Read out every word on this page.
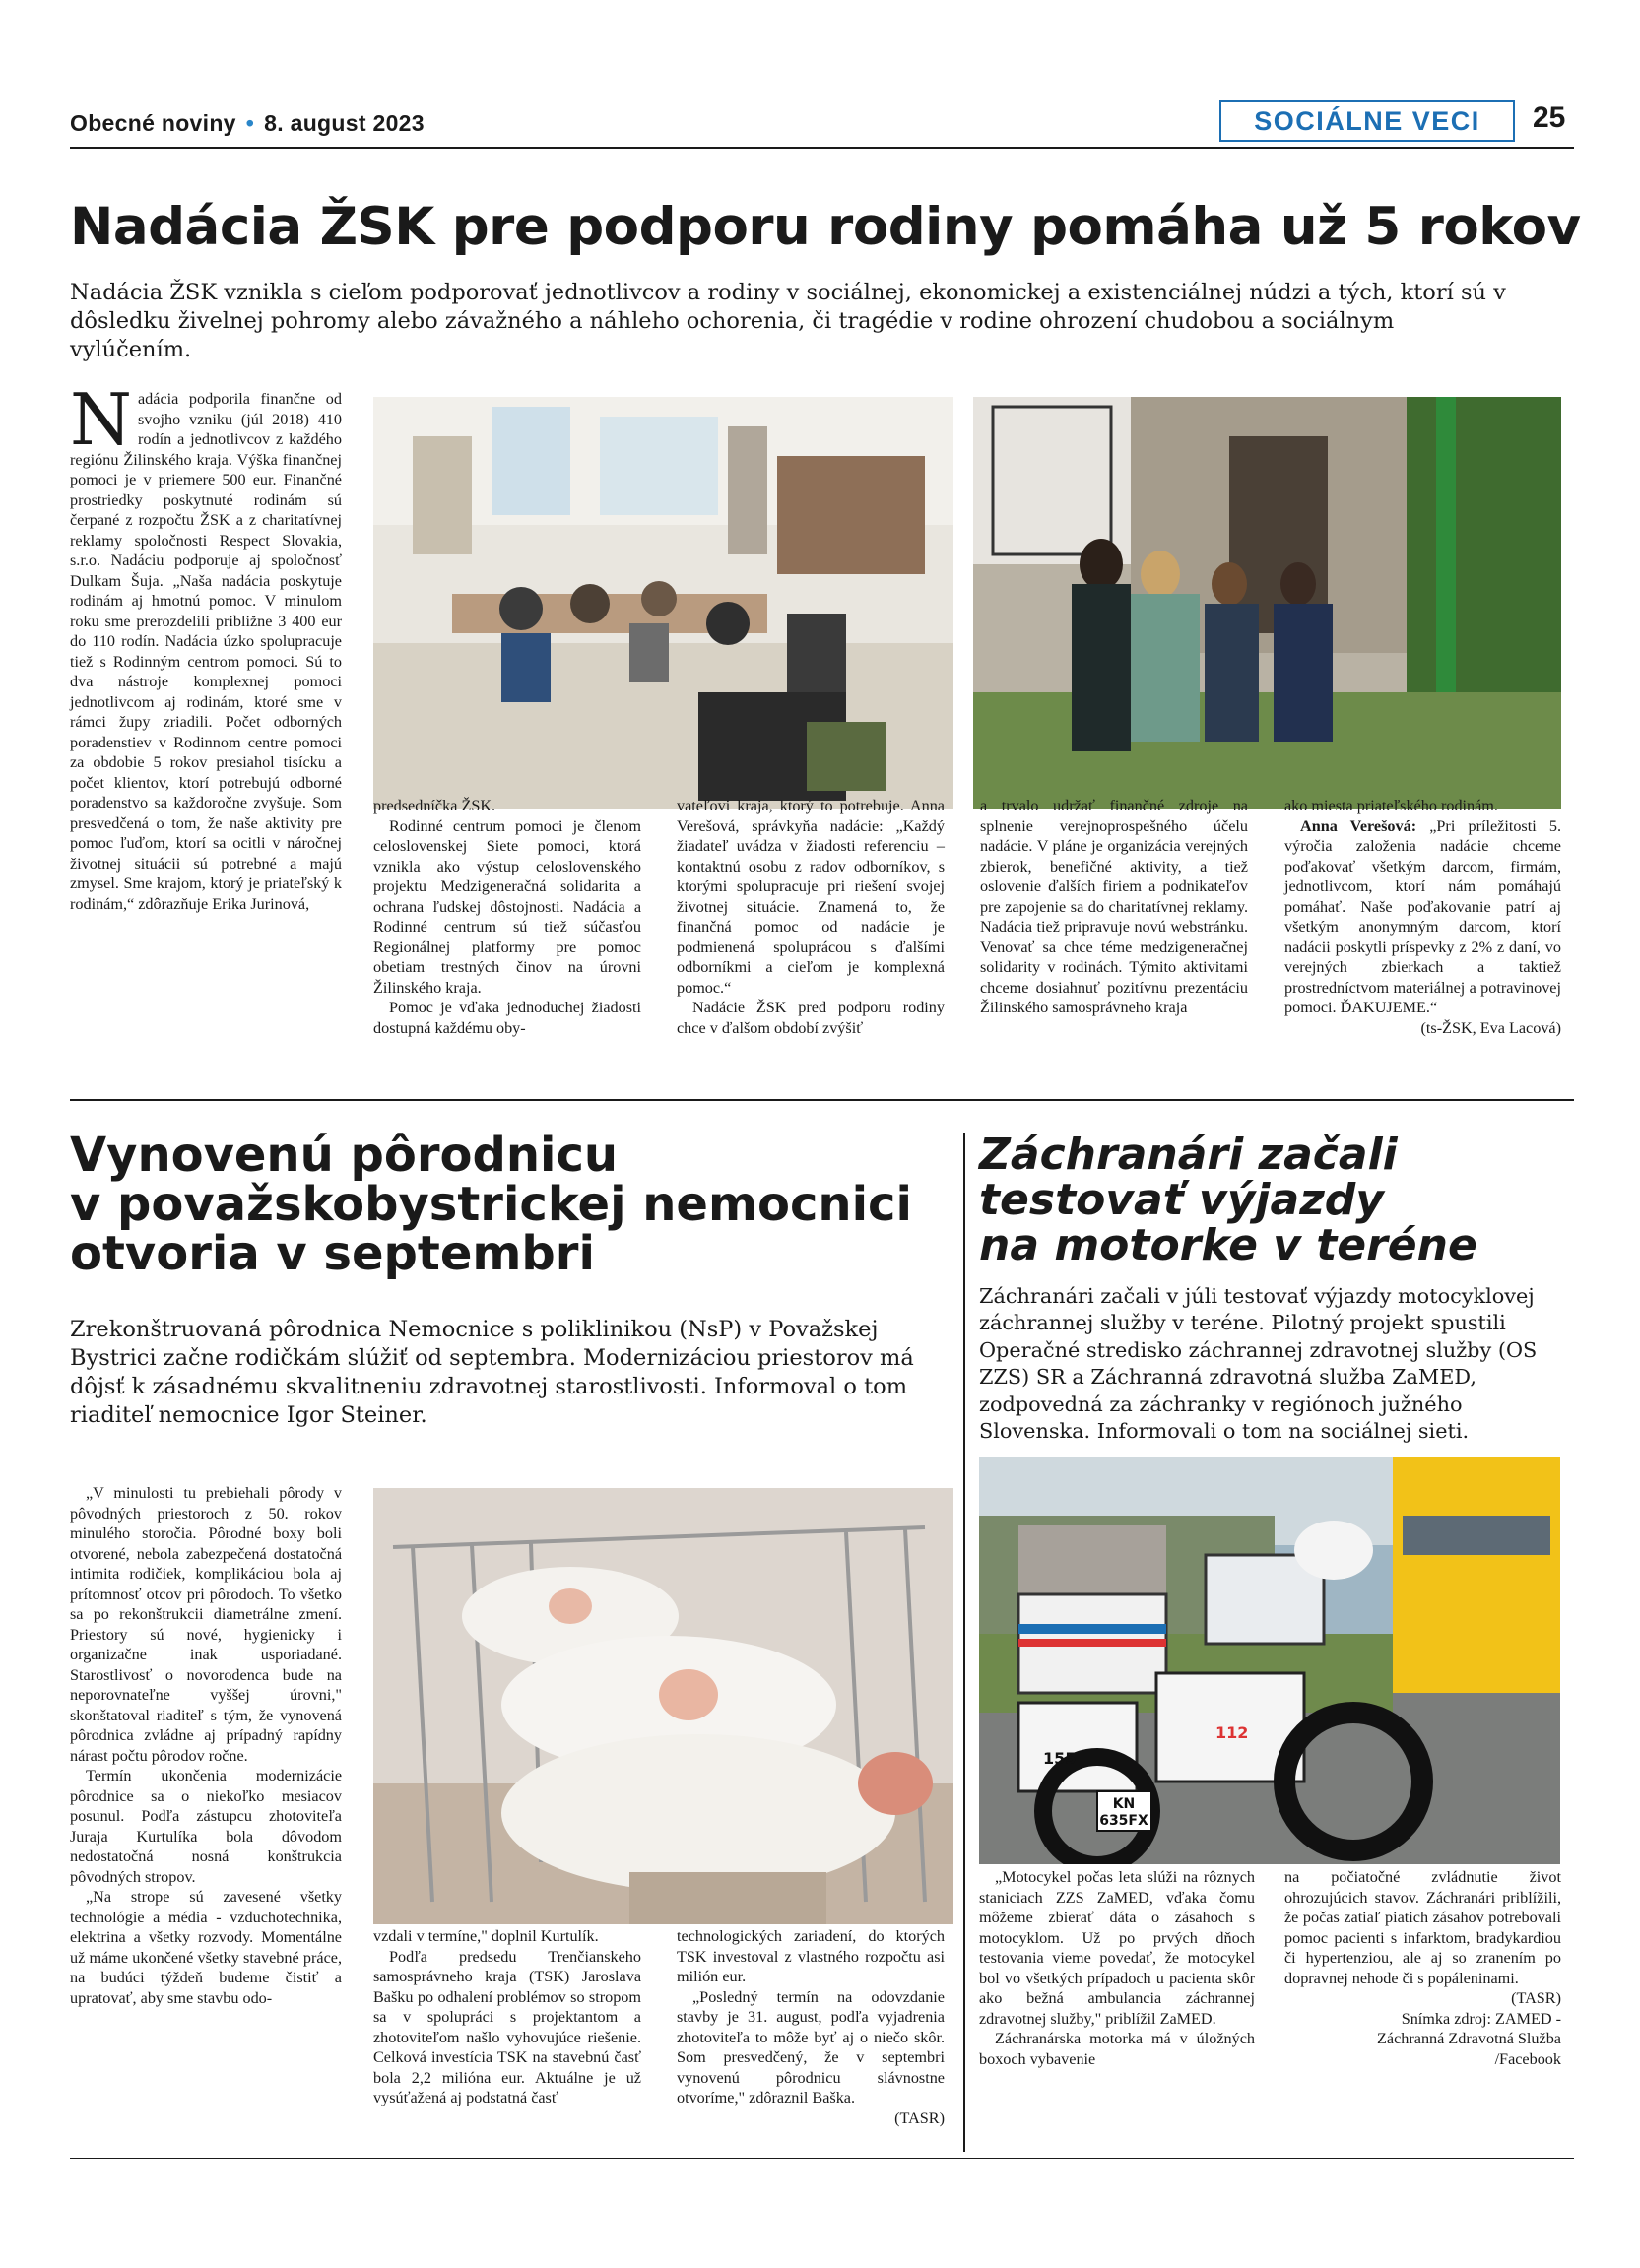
Obecné noviny • 8. august 2023	SOCIÁLNE VECI	25
Nadácia ŽSK pre podporu rodiny pomáha už 5 rokov
Nadácia ŽSK vznikla s cieľom podporovať jednotlivcov a rodiny v sociálnej, ekonomickej a existenciálnej núdzi a tých, ktorí sú v dôsledku živelnej pohromy alebo závažného a náhleho ochorenia, či tragédie v rodine ohrození chudobou a sociálnym vylúčením.
Nadácia podporila finančne od svojho vzniku (júl 2018) 410 rodín a jednotlivcov z každého regiónu Žilinského kraja. Výška finančnej pomoci je v priemere 500 eur. Finančné prostriedky poskytnuté rodinám sú čerpané z rozpočtu ŽSK a z charitatívnej reklamy spoločnosti Respect Slovakia, s.r.o. Nadáciu podporuje aj spoločnosť Dulkam Šuja. „Naša nadácia poskytuje rodinám aj hmotnú pomoc. V minulom roku sme prerozdelili približne 3 400 eur do 110 rodín. Nadácia úzko spolupracuje tiež s Rodinným centrom pomoci. Sú to dva nástroje komplexnej pomoci jednotlivcom aj rodinám, ktoré sme v rámci župy zriadili. Počet odborných poradenstiev v Rodinnom centre pomoci za obdobie 5 rokov presiahol tisícku a počet klientov, ktorí potrebujú odborné poradenstvo sa každoročne zvyšuje. Som presvedčená o tom, že naše aktivity pre pomoc ľuďom, ktorí sa ocitli v náročnej životnej situácii sú potrebné a majú zmysel. Sme krajom, ktorý je priateľský k rodinám,“ zdôrazňuje Erika Jurinová,

predsedníčka ŽSK.

Rodinné centrum pomoci je členom celoslovenskej Siete pomoci, ktorá vznikla ako výstup celoslovenského projektu Medzigeneračná solidarita a ochrana ľudskej dôstojnosti. Nadácia a Rodinné centrum sú tiež súčasťou Regionálnej platformy pre pomoc obetiam trestných činov na úrovni Žilinského kraja.

Pomoc je vďaka jednoduchej žiadosti dostupná každému oby-

vateľovi kraja, ktorý to potrebuje. Anna Verešová, správkyňa nadácie: „Každý žiadateľ uvádza v žiadosti referenciu – kontaktnú osobu z radov odborníkov, s ktorými spolupracuje pri riešení svojej životnej situácie. Znamená to, že finančná pomoc od nadácie je podmienená spoluprácou s ďalšími odborníkmi a cieľom je komplexná pomoc.“

Nadácie ŽSK pred podporu rodiny chce v ďalšom období zvýšiť

a trvalo udržať finančné zdroje na splnenie verejnoprospešného účelu nadácie. V pláne je organizácia verejných zbierok, benefičné aktivity, a tiež oslovenie ďalších firiem a podnikateľov pre zapojenie sa do charitatívnej reklamy. Nadácia tiež pripravuje novú webstránku. Venovať sa chce téme medzigeneračnej solidarity v rodinách. Týmito aktivitami chceme dosiahnuť pozitívnu prezentáciu Žilinského samosprávneho kraja

ako miesta priateľského rodinám.

Anna Verešová: „Pri príležitosti 5. výročia založenia nadácie chceme poďakovať všetkým darcom, firmám, jednotlivcom, ktorí nám pomáhajú pomáhať. Naše poďakovanie patrí aj všetkým anonymným darcom, ktorí nadácii poskytli príspevky z 2% z daní, vo verejných zbierkach a taktiež prostredníctvom materiálnej a potravinovej pomoci. ĎAKUJEME.“

(ts-ŽSK, Eva Lacová)
Vynovenú pôrodnicu
v považskobystrickej nemocnici
otvoria v septembri
Zrekonštruovaná pôrodnica Nemocnice s poliklinikou (NsP) v Považskej Bystrici začne rodičkám slúžiť od septembra. Modernizáciou priestorov má dôjsť k zásadnému skvalitneniu zdravotnej starostlivosti. Informoval o tom riaditeľ nemocnice Igor Steiner.

„V minulosti tu prebiehali pôrody v pôvodných priestoroch z 50. rokov minulého storočia. Pôrodné boxy boli otvorené, nebola zabezpečená dostatočná intimita rodičiek, komplikáciou bola aj prítomnosť otcov pri pôrodoch. To všetko sa po rekonštrukcii diametrálne zmení. Priestory sú nové, hygienicky i organizačne inak usporiadané. Starostlivosť o novorodenca bude na neporovnateľne vyššej úrovni," skonštatoval riaditeľ s tým, že vynovená pôrodnica zvládne aj prípadný rapídny nárast počtu pôrodov ročne.

Termín ukončenia modernizácie pôrodnice sa o niekoľko mesiacov posunul. Podľa zástupcu zhotoviteľa Juraja Kurtulíka bola dôvodom nedostatočná nosná konštrukcia pôvodných stropov.

„Na strope sú zavesené všetky technológie a média - vzduchotechnika, elektrina a všetky rozvody. Momentálne už máme ukončené všetky stavebné práce, na budúci týždeň budeme čistiť a upratovať, aby sme stavbu odo-

vzdali v termíne," doplnil Kurtulík.

Podľa predsedu Trenčianskeho samosprávneho kraja (TSK) Jaroslava Bašku po odhalení problémov so stropom sa v spolupráci s projektantom a zhotoviteľom našlo vyhovujúce riešenie. Celková investícia TSK na stavebnú časť bola 2,2 milióna eur. Aktuálne je už vysúťažená aj podstatná časť

technologických zariadení, do ktorých TSK investoval z vlastného rozpočtu asi milión eur.

„Posledný termín na odovzdanie stavby je 31. august, podľa vyjadrenia zhotoviteľa to môže byť aj o niečo skôr. Som presvedčený, že v septembri vynovenú pôrodnicu slávnostne otvoríme," zdôraznil Baška.

(TASR)
Záchranári začali
testovať výjazdy
na motorke v teréne
Záchranári začali v júli testovať výjazdy motocyklovej záchrannej služby v teréne. Pilotný projekt spustili Operačné stredisko záchrannej zdravotnej služby (OS ZZS) SR a Záchranná zdravotná služba ZaMED, zodpovedná za záchranky v regiónoch južného Slovenska. Informovali o tom na sociálnej sieti.
KN
635FX
155
112

„Motocykel počas leta slúži na rôznych staniciach ZZS ZaMED, vďaka čomu môžeme zbierať dáta o zásahoch s motocyklom. Už po prvých dňoch testovania vieme povedať, že motocykel bol vo všetkých prípadoch u pacienta skôr ako bežná ambulancia záchrannej zdravotnej služby," priblížil ZaMED.

Záchranárska motorka má v úložných boxoch vybavenie

na počiatočné zvládnutie život ohrozujúcich stavov. Záchranári priblížili, že počas zatiaľ piatich zásahov potrebovali pomoc pacienti s infarktom, bradykardiou či hypertenziou, ale aj so zranením po dopravnej nehode či s popáleninami.

(TASR)
Snímka zdroj: ZAMED -
Záchranná Zdravotná Služba
/Facebook
